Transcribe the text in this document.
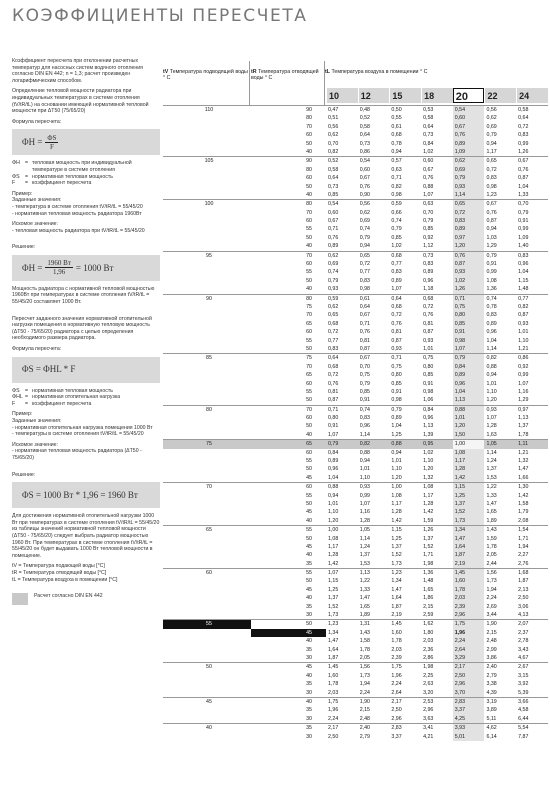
КОЭФФИЦИЕНТЫ ПЕРЕСЧЕТА

Коэффициент пересчета при отклонении расчетных температур для насосных систем водяного отопления согласно DIN EN 442; n = 1,3; расчет произведен логарифмическим способом.

Определение тепловой мощности радиатора при индивидуальных температурах в системе отопления (tV/tR/tL) на основании имеющей нормативной тепловой мощности при ΔT50 (75/65/20)

Формула пересчета:

$\Phi H = \frac{\Phi S}{F}$
ΦH = тепловая мощность при индивидуальной температуре в системе отопления
ΦS	= нормативная тепловая мощность
F	= коэффициент пересчета

Пример:

Заданные значения:

- температура в системе отопления tV/tR/tL = 55/45/20

- нормативная тепловая мощность радиатора 1960Вт

Искомое значение:

- тепловая мощность радиатора при tV/tR/tL = 55/45/20

Решение:

$\Phi H = \frac{1960 Вт}{1,96} = 1000$ Вт

Мощность радиатора с нормативной тепловой мощностью 1960Вт при температурах в системе отопления tV/tR/tL = 55/45/20 составляет 1000 Вт.

Пересчет заданного значения нормативной отопительной нагрузки помещения в нормативную тепловую мощность (ΔT50 - 75/65/20) радиатора с целью определения необходимого размера радиатора.

Формула пересчета:

ΦS = ΦHL * F
ΦS	= нормативная тепловая мощность
ΦHL = нормативная отопительная нагрузка
F	= коэффициент пересчета

Пример:

Заданные значения:

- нормативная отопительная нагрузка помещения 1000 Вт

- температуры в системе отопления tV/tR/tL = 55/45/20

Искомое значение:

- нормативная тепловая мощность радиатора (ΔT50 - 75/65/20)

Решение:

ΦS = 1000 Вт * 1,96 = 1960 Вт

Для достижения нормативной отопительной нагрузки 1000 Вт при температурах в системе отопления tV/tR/tL = 55/45/20 из таблицы значений нормативной тепловой мощности (ΔT50 - 75/65/20) следует выбрать радиатор мощностью 1960 Вт. При температурах в системе отопления tV/tR/tL = 55/45/20 он будет выдавать 1000 Вт тепловой мощности в помещение.

tV = Температура подающей воды [°C]

tR = Температура отводящей воды [°C]

tL = Температура воздуха в помещении [°C]

Расчет согласно DIN EN 442
tV Температура подводящей воды ° С
tR Температура отводящей воды ° С
tL Температура воздуха в помещении ° С
10	12	15	18	20	22	24
110	90	0,47	0,48	0,50	0,53	0,54	0,56	0,58
80	0,51	0,52	0,55	0,58	0,60	0,62	0,64
70	0,56	0,58	0,61	0,64	0,67	0,69	0,72
60	0,62	0,64	0,68	0,73	0,76	0,79	0,83
50	0,70	0,73	0,78	0,84	0,89	0,94	0,99
40	0,82	0,86	0,94	1,02	1,09	1,17	1,26
105	90	0,52	0,54	0,57	0,60	0,62	0,65	0,67
80	0,58	0,60	0,63	0,67	0,69	0,72	0,76
60	0,64	0,67	0,71	0,76	0,79	0,83	0,87
50	0,73	0,76	0,82	0,88	0,93	0,98	1,04
40	0,85	0,90	0,98	1,07	1,14	1,23	1,33
100	80	0,54	0,56	0,59	0,63	0,65	0,67	0,70
70	0,60	0,62	0,66	0,70	0,72	0,76	0,79
60	0,67	0,69	0,74	0,79	0,83	0,87	0,91
55	0,71	0,74	0,79	0,85	0,89	0,94	0,99
50	0,76	0,79	0,85	0,92	0,97	1,03	1,09
40	0,89	0,94	1,02	1,12	1,20	1,29	1,40
95	70	0,62	0,65	0,68	0,73	0,76	0,79	0,83
60	0,69	0,72	0,77	0,83	0,87	0,91	0,96
55	0,74	0,77	0,83	0,89	0,93	0,99	1,04
50	0,79	0,83	0,89	0,96	1,02	1,08	1,15
40	0,93	0,98	1,07	1,18	1,26	1,36	1,48
90	80	0,59	0,61	0,64	0,68	0,71	0,74	0,77
75	0,62	0,64	0,68	0,72	0,75	0,78	0,82
70	0,65	0,67	0,72	0,76	0,80	0,83	0,87
65	0,68	0,71	0,76	0,81	0,85	0,89	0,93
60	0,72	0,76	0,81	0,87	0,91	0,96	1,01
55	0,77	0,81	0,87	0,93	0,98	1,04	1,10
50	0,83	0,87	0,93	1,01	1,07	1,14	1,21
85	75	0,64	0,67	0,71	0,75	0,79	0,82	0,86
70	0,68	0,70	0,75	0,80	0,84	0,88	0,92
65	0,72	0,75	0,80	0,85	0,89	0,94	0,99
60	0,76	0,79	0,85	0,91	0,96	1,01	1,07
55	0,81	0,85	0,91	0,98	1,04	1,10	1,16
50	0,87	0,91	0,98	1,06	1,13	1,20	1,29
80	70	0,71	0,74	0,79	0,84	0,88	0,93	0,97
60	0,80	0,83	0,89	0,96	1,01	1,07	1,13
50	0,91	0,96	1,04	1,13	1,20	1,28	1,37
40	1,07	1,14	1,25	1,39	1,50	1,63	1,78
75	65	0,79	0,82	0,88	0,95	1,00	1,05	1,11
60	0,84	0,88	0,94	1,02	1,08	1,14	1,21
55	0,89	0,94	1,01	1,10	1,17	1,24	1,32
50	0,96	1,01	1,10	1,20	1,28	1,37	1,47
45	1,04	1,10	1,20	1,32	1,42	1,53	1,66
70	60	0,88	0,93	1,00	1,08	1,15	1,22	1,30
55	0,94	0,99	1,08	1,17	1,25	1,33	1,42
50	1,01	1,07	1,17	1,28	1,37	1,47	1,58
45	1,10	1,16	1,28	1,42	1,52	1,65	1,79
40	1,20	1,28	1,42	1,59	1,73	1,89	2,08
65	55	1,00	1,05	1,15	1,26	1,34	1,43	1,54
50	1,08	1,14	1,25	1,37	1,47	1,59	1,71
45	1,17	1,24	1,37	1,52	1,64	1,78	1,94
40	1,28	1,37	1,52	1,71	1,87	2,05	2,27
35	1,42	1,53	1,73	1,98	2,19	2,44	2,76
60	55	1,07	1,13	1,23	1,36	1,45	1,56	1,68
50	1,15	1,22	1,34	1,48	1,60	1,73	1,87
45	1,25	1,33	1,47	1,65	1,78	1,94	2,13
40	1,37	1,47	1,64	1,86	2,03	2,24	2,50
35	1,52	1,65	1,87	2,15	2,39	2,69	3,06
30	1,73	1,89	2,19	2,59	2,96	3,44	4,13
55	50	1,23	1,31	1,45	1,62	1,75	1,90	2,07
45	1,34	1,43	1,60	1,80	1,96	2,15	2,37
40	1,47	1,58	1,78	2,03	2,24	2,48	2,78
35	1,64	1,78	2,03	2,36	2,64	2,99	3,43
30	1,87	2,05	2,39	2,86	3,29	3,86	4,67
50	45	1,45	1,56	1,75	1,98	2,17	2,40	2,67
40	1,60	1,73	1,96	2,25	2,50	2,79	3,15
35	1,78	1,94	2,24	2,63	2,96	3,38	3,92
30	2,03	2,24	2,64	3,20	3,70	4,39	5,39
45	40	1,75	1,90	2,17	2,53	2,83	3,19	3,66
35	1,96	2,15	2,50	2,96	3,37	3,89	4,58
30	2,24	2,48	2,96	3,63	4,25	5,11	6,44
40	35	2,17	2,40	2,83	3,41	3,93	4,62	5,54
30	2,50	2,79	3,37	4,21	5,01	6,14	7,87
